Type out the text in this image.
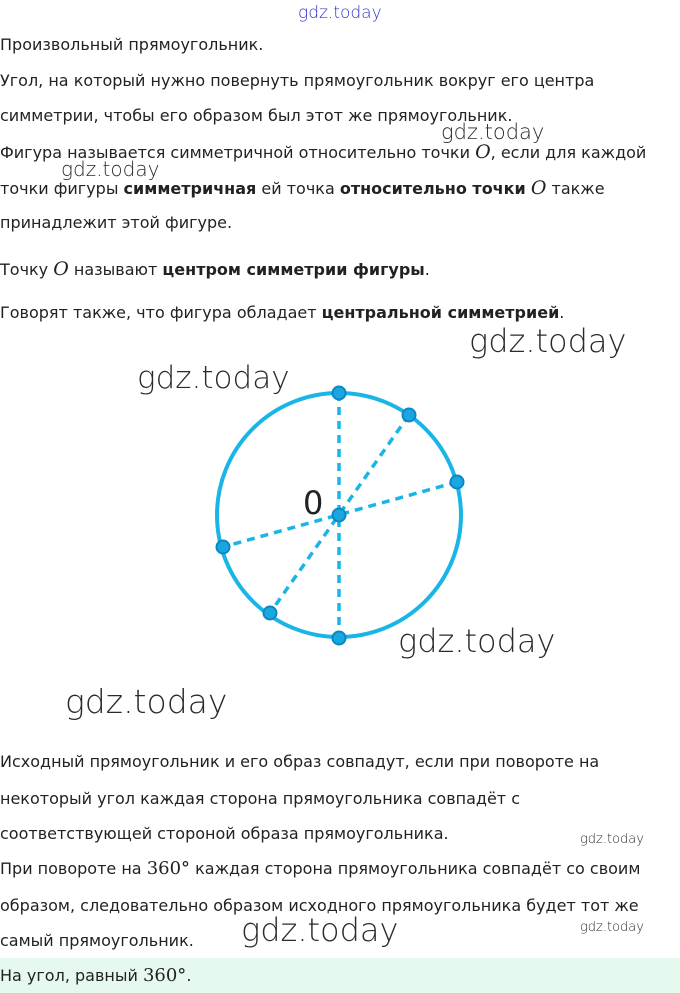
gdz.today
Произвольный прямоугольник.
Угол, на который нужно повернуть прямоугольник вокруг его центра
симметрии, чтобы его образом был этот же прямоугольник.
Фигура называется симметричной относительно точки O, если для каждой
точки фигуры симметричная ей точка относительно точки O также
принадлежит этой фигуре.
Точку O называют центром симметрии фигуры.
Говорят также, что фигура обладает центральной симметрией.
0
gdz.today
gdz.today
gdz.today
gdz.today
gdz.today
gdz.today
Исходный прямоугольник и его образ совпадут, если при повороте на
некоторый угол каждая сторона прямоугольника совпадёт с
соответствующей стороной образа прямоугольника.	gdz.today
При повороте на 360° каждая сторона прямоугольника совпадёт со своим
образом, следовательно образом исходного прямоугольника будет тот же
самый прямоугольник.
gdz.today
gdz.today
На угол, равный 360°.
